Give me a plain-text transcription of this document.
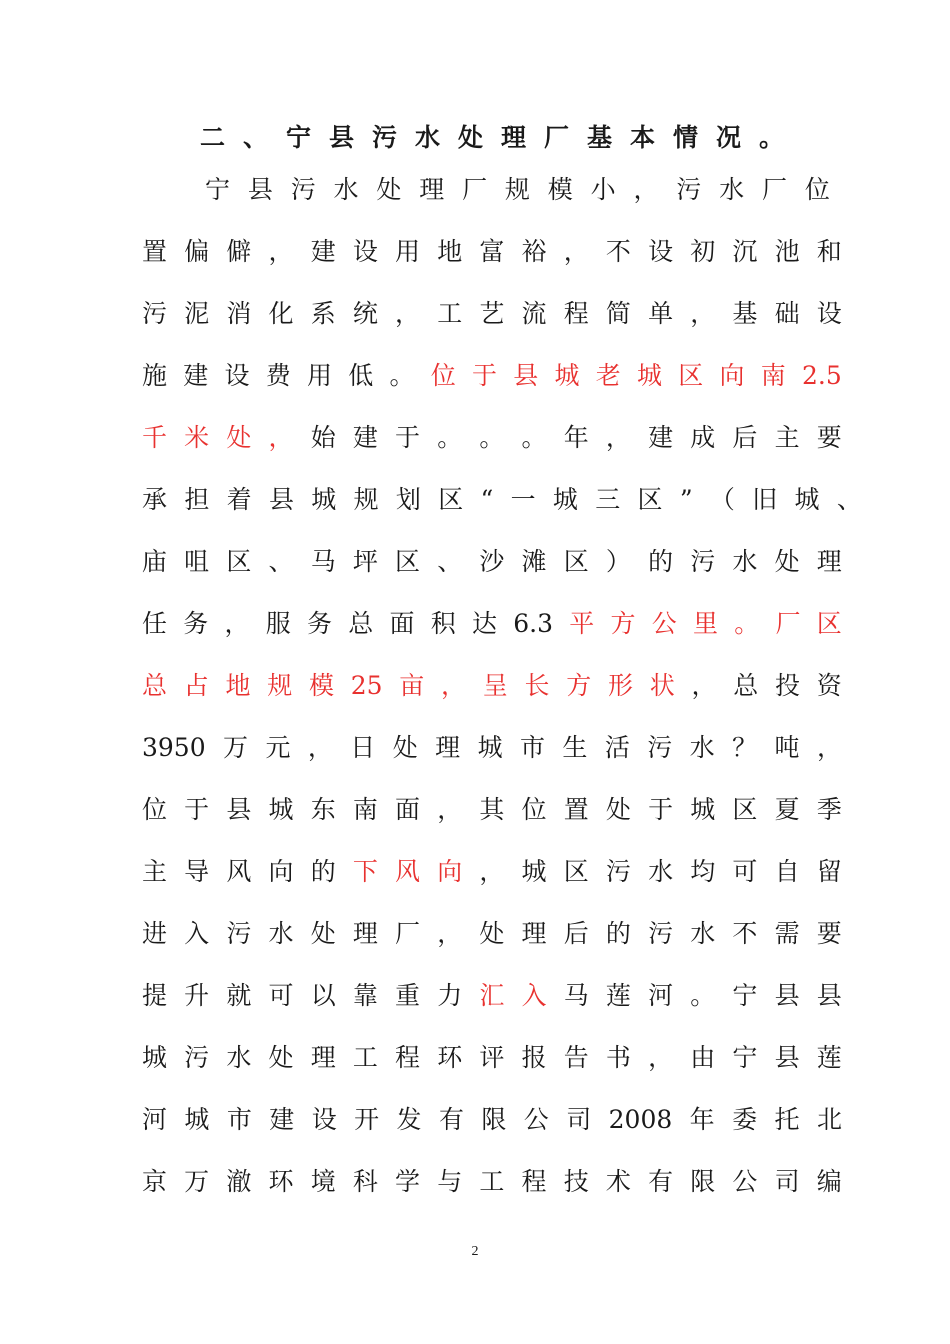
二、宁县污水处理厂基本情况。
宁 县 污 水 处 理 厂 规 模 小 ， 污 水 厂 位
置 偏 僻 ， 建 设 用 地 富 裕 ， 不 设 初 沉 池 和
污 泥 消 化 系 统 ， 工 艺 流 程 简 单 ， 基 础 设
施 建 设 费 用 低 。 位 于 县 城 老 城 区 向 南 2.5
千 米 处 ， 始 建 于 。 。 。 年 ， 建 成 后 主 要
承 担 着 县 城 规 划 区 “ 一 城 三 区 ” （ 旧 城 、
庙 咀 区 、 马 坪 区 、 沙 滩 区 ） 的 污 水 处 理
任 务 ， 服 务 总 面 积 达 6.3 平 方 公 里 。 厂 区
总 占 地 规 模 25 亩 ， 呈 长 方 形 状 ， 总 投 资
3950 万 元 ， 日 处 理 城 市 生 活 污 水 ？ 吨 ，
位 于 县 城 东 南 面 ， 其 位 置 处 于 城 区 夏 季
主 导 风 向 的 下 风 向 ， 城 区 污 水 均 可 自 留
进 入 污 水 处 理 厂 ， 处 理 后 的 污 水 不 需 要
提 升 就 可 以 靠 重 力 汇 入 马 莲 河 。 宁 县 县
城 污 水 处 理 工 程 环 评 报 告 书 ， 由 宁 县 莲
河 城 市 建 设 开 发 有 限 公 司 2008 年 委 托 北
京 万 澈 环 境 科 学 与 工 程 技 术 有 限 公 司 编
2
